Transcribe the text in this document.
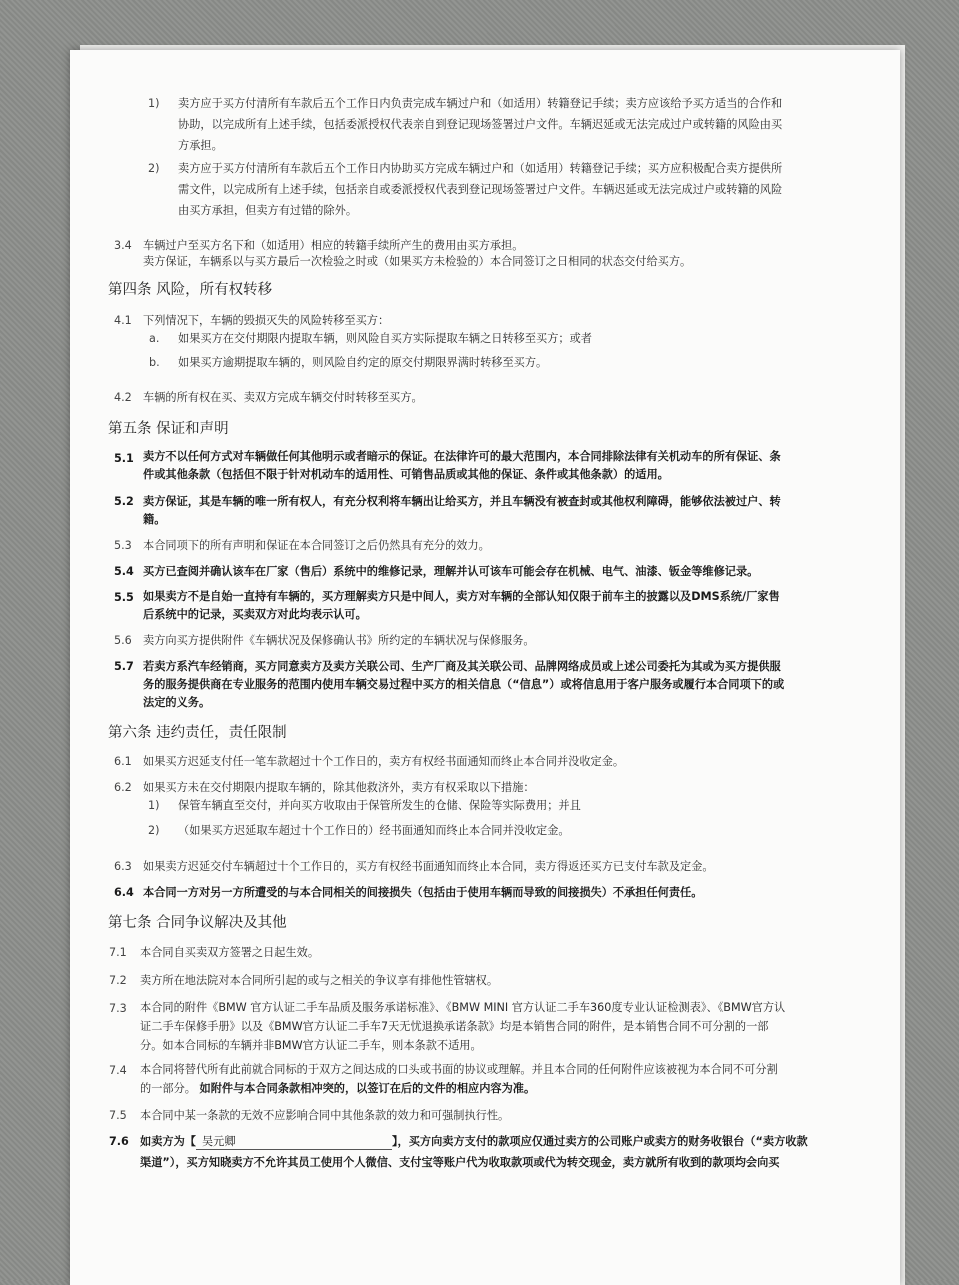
1) 卖方应于买方付清所有车款后五个工作日内负责完成车辆过户和（如适用）转籍登记手续；卖方应该给予买方适当的合作和
协助，以完成所有上述手续，包括委派授权代表亲自到登记现场签署过户文件。车辆迟延或无法完成过户或转籍的风险由买
方承担。
2) 卖方应于买方付清所有车款后五个工作日内协助买方完成车辆过户和（如适用）转籍登记手续；买方应积极配合卖方提供所
需文件，以完成所有上述手续，包括亲自或委派授权代表到登记现场签署过户文件。车辆迟延或无法完成过户或转籍的风险
由买方承担，但卖方有过错的除外。
3.4 车辆过户至买方名下和（如适用）相应的转籍手续所产生的费用由买方承担。
卖方保证，车辆系以与买方最后一次检验之时或（如果买方未检验的）本合同签订之日相同的状态交付给买方。
第四条 风险，所有权转移
4.1 下列情况下，车辆的毁损灭失的风险转移至买方：
a. 如果买方在交付期限内提取车辆，则风险自买方实际提取车辆之日转移至买方；或者
b. 如果买方逾期提取车辆的，则风险自约定的原交付期限界满时转移至买方。
4.2 车辆的所有权在买、卖双方完成车辆交付时转移至买方。
第五条 保证和声明
5.1 卖方不以任何方式对车辆做任何其他明示或者暗示的保证。在法律许可的最大范围内，本合同排除法律有关机动车的所有保证、条
件或其他条款（包括但不限于针对机动车的适用性、可销售品质或其他的保证、条件或其他条款）的适用。
5.2 卖方保证，其是车辆的唯一所有权人，有充分权利将车辆出让给买方，并且车辆没有被查封或其他权利障碍，能够依法被过户、转
籍。
5.3 本合同项下的所有声明和保证在本合同签订之后仍然具有充分的效力。
5.4 买方已查阅并确认该车在厂家（售后）系统中的维修记录，理解并认可该车可能会存在机械、电气、油漆、钣金等维修记录。
5.5 如果卖方不是自始一直持有车辆的，买方理解卖方只是中间人，卖方对车辆的全部认知仅限于前车主的披露以及DMS系统/厂家售
后系统中的记录，买卖双方对此均表示认可。
5.6 卖方向买方提供附件《车辆状况及保修确认书》所约定的车辆状况与保修服务。
5.7 若卖方系汽车经销商，买方同意卖方及卖方关联公司、生产厂商及其关联公司、品牌网络成员或上述公司委托为其或为买方提供服
务的服务提供商在专业服务的范围内使用车辆交易过程中买方的相关信息（“信息”）或将信息用于客户服务或履行本合同项下的或
法定的义务。
第六条 违约责任，责任限制
6.1 如果买方迟延支付任一笔车款超过十个工作日的，卖方有权经书面通知而终止本合同并没收定金。
6.2 如果买方未在交付期限内提取车辆的，除其他救济外，卖方有权采取以下措施：
1) 保管车辆直至交付，并向买方收取由于保管所发生的仓储、保险等实际费用；并且
2) （如果买方迟延取车超过十个工作日的）经书面通知而终止本合同并没收定金。
6.3 如果卖方迟延交付车辆超过十个工作日的，买方有权经书面通知而终止本合同，卖方得返还买方已支付车款及定金。
6.4 本合同一方对另一方所遭受的与本合同相关的间接损失（包括由于使用车辆而导致的间接损失）不承担任何责任。
第七条 合同争议解决及其他
7.1 本合同自买卖双方签署之日起生效。
7.2 卖方所在地法院对本合同所引起的或与之相关的争议享有排他性管辖权。
7.3 本合同的附件《BMW 官方认证二手车品质及服务承诺标准》、《BMW MINI 官方认证二手车360度专业认证检测表》、《BMW官方认
证二手车保修手册》以及《BMW官方认证二手车7天无忧退换承诺条款》均是本销售合同的附件，是本销售合同不可分割的一部
分。如本合同标的车辆并非BMW官方认证二手车，则本条款不适用。
7.4 本合同将替代所有此前就合同标的于双方之间达成的口头或书面的协议或理解。并且本合同的任何附件应该被视为本合同不可分割
的一部分。 如附件与本合同条款相冲突的，以签订在后的文件的相应内容为准。
7.5 本合同中某一条款的无效不应影响合同中其他条款的效力和可强制执行性。
7.6 如卖方为【 吴元卿	】，买方向卖方支付的款项应仅通过卖方的公司账户或卖方的财务收银台（“卖方收款
渠道”），买方知晓卖方不允许其员工使用个人微信、支付宝等账户代为收取款项或代为转交现金，卖方就所有收到的款项均会向买
